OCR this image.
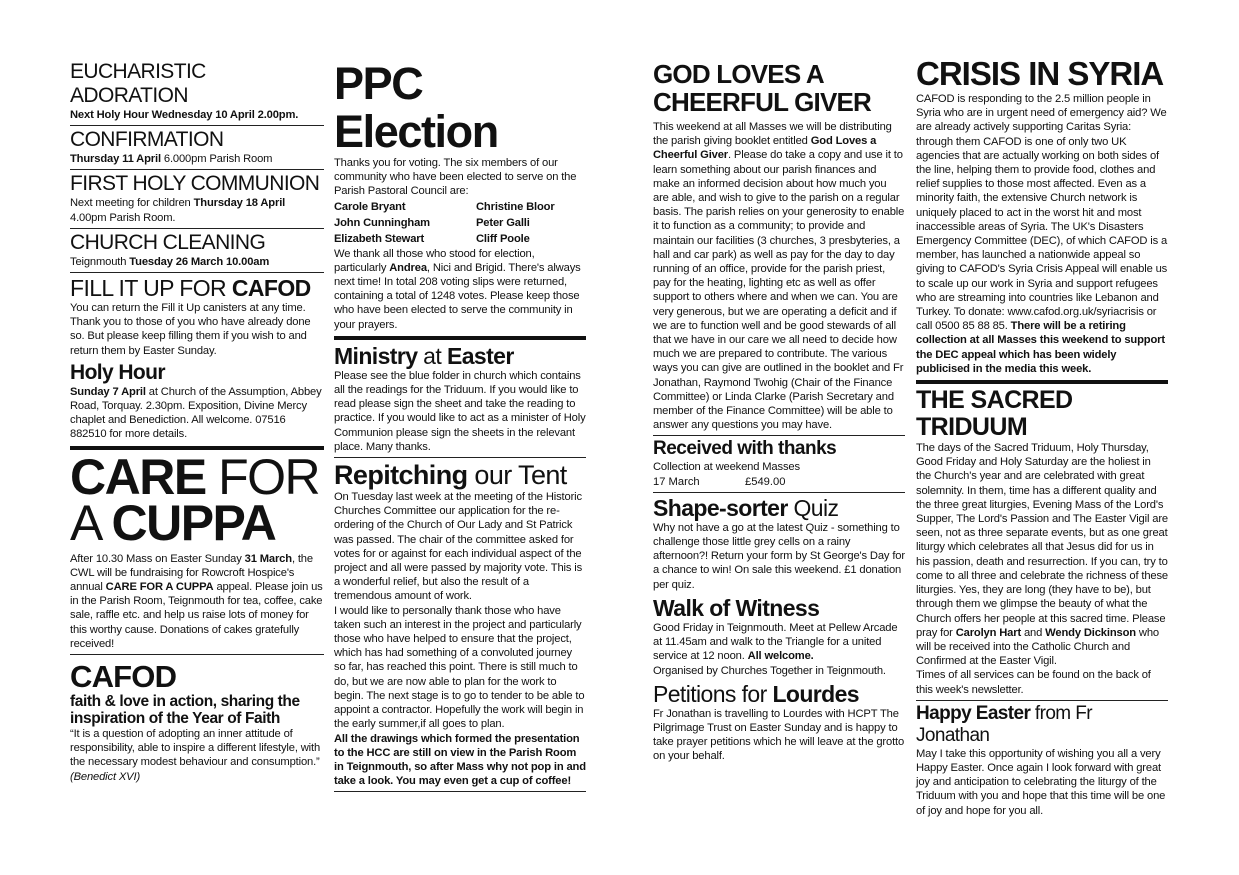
EUCHARISTIC ADORATION
Next Holy Hour Wednesday 10 April 2.00pm.
CONFIRMATION
Thursday 11 April 6.000pm Parish Room
FIRST HOLY COMMUNION
Next meeting for children Thursday 18 April
4.00pm Parish Room.
CHURCH CLEANING
Teignmouth Tuesday 26 March 10.00am
FILL IT UP FOR CAFOD
You can return the Fill it Up canisters at any time. Thank you to those of you who have already done so. But please keep filling them if you wish to and return them by Easter Sunday.
Holy Hour
Sunday 7 April at Church of the Assumption, Abbey Road, Torquay. 2.30pm. Exposition, Divine Mercy chaplet and Benediction. All welcome. 07516 882510 for more details.
CARE FOR
A CUPPA
After 10.30 Mass on Easter Sunday 31 March, the CWL will be fundraising for Rowcroft Hospice's annual CARE FOR A CUPPA appeal. Please join us in the Parish Room, Teignmouth for tea, coffee, cake sale, raffle etc. and help us raise lots of money for this worthy cause. Donations of cakes gratefully received!
CAFOD
faith & love in action, sharing the inspiration of the Year of Faith
“It is a question of adopting an inner attitude of responsibility, able to inspire a different lifestyle, with the necessary modest behaviour and consumption.” (Benedict XVI)
PPC Election
Thanks you for voting. The six members of our community who have been elected to serve on the Parish Pastoral Council are:
Carole Bryant	Christine Bloor
John Cunningham	Peter Galli
Elizabeth Stewart	Cliff Poole
We thank all those who stood for election, particularly Andrea, Nici and Brigid. There's always next time! In total 208 voting slips were returned, containing a total of 1248 votes. Please keep those who have been elected to serve the community in your prayers.
Ministry at Easter
Please see the blue folder in church which contains all the readings for the Triduum. If you would like to read please sign the sheet and take the reading to practice. If you would like to act as a minister of Holy Communion please sign the sheets in the relevant place. Many thanks.
Repitching our Tent
On Tuesday last week at the meeting of the Historic Churches Committee our application for the re-ordering of the Church of Our Lady and St Patrick was passed. The chair of the committee asked for votes for or against for each individual aspect of the project and all were passed by majority vote. This is a wonderful relief, but also the result of a tremendous amount of work.
I would like to personally thank those who have taken such an interest in the project and particularly those who have helped to ensure that the project, which has had something of a convoluted journey so far, has reached this point. There is still much to do, but we are now able to plan for the work to begin. The next stage is to go to tender to be able to appoint a contractor. Hopefully the work will begin in the early summer,if all goes to plan.
All the drawings which formed the presentation to the HCC are still on view in the Parish Room in Teignmouth, so after Mass why not pop in and take a look. You may even get a cup of coffee!
GOD LOVES A
CHEERFUL GIVER
This weekend at all Masses we will be distributing the parish giving booklet entitled God Loves a Cheerful Giver. Please do take a copy and use it to learn something about our parish finances and make an informed decision about how much you are able, and wish to give to the parish on a regular basis. The parish relies on your generosity to enable it to function as a community; to provide and maintain our facilities (3 churches, 3 presbyteries, a hall and car park) as well as pay for the day to day running of an office, provide for the parish priest, pay for the heating, lighting etc as well as offer support to others where and when we can. You are very generous, but we are operating a deficit and if we are to function well and be good stewards of all that we have in our care we all need to decide how much we are prepared to contribute. The various ways you can give are outlined in the booklet and Fr Jonathan, Raymond Twohig (Chair of the Finance Committee) or Linda Clarke (Parish Secretary and member of the Finance Committee) will be able to answer any questions you may have.
Received with thanks
Collection at weekend Masses
17 March	£549.00
Shape-sorter Quiz
Why not have a go at the latest Quiz - something to challenge those little grey cells on a rainy afternoon?! Return your form by St George's Day for a chance to win! On sale this weekend. £1 donation per quiz.
Walk of Witness
Good Friday in Teignmouth. Meet at Pellew Arcade at 11.45am and walk to the Triangle for a united service at 12 noon. All welcome.
Organised by Churches Together in Teignmouth.
Petitions for Lourdes
Fr Jonathan is travelling to Lourdes with HCPT The Pilgrimage Trust on Easter Sunday and is happy to take prayer petitions which he will leave at the grotto on your behalf.
CRISIS IN SYRIA
CAFOD is responding to the 2.5 million people in Syria who are in urgent need of emergency aid? We are already actively supporting Caritas Syria: through them CAFOD is one of only two UK agencies that are actually working on both sides of the line, helping them to provide food, clothes and relief supplies to those most affected. Even as a minority faith, the extensive Church network is uniquely placed to act in the worst hit and most inaccessible areas of Syria. The UK's Disasters Emergency Committee (DEC), of which CAFOD is a member, has launched a nationwide appeal so giving to CAFOD's Syria Crisis Appeal will enable us to scale up our work in Syria and support refugees who are streaming into countries like Lebanon and Turkey. To donate: www.cafod.org.uk/syriacrisis or call 0500 85 88 85. There will be a retiring collection at all Masses this weekend to support the DEC appeal which has been widely publicised in the media this week.
THE SACRED TRIDUUM
The days of the Sacred Triduum, Holy Thursday, Good Friday and Holy Saturday are the holiest in the Church's year and are celebrated with great solemnity. In them, time has a different quality and the three great liturgies, Evening Mass of the Lord's Supper, The Lord's Passion and The Easter Vigil are seen, not as three separate events, but as one great liturgy which celebrates all that Jesus did for us in his passion, death and resurrection. If you can, try to come to all three and celebrate the richness of these liturgies. Yes, they are long (they have to be), but through them we glimpse the beauty of what the Church offers her people at this sacred time. Please pray for Carolyn Hart and Wendy Dickinson who will be received into the Catholic Church and Confirmed at the Easter Vigil.
Times of all services can be found on the back of this week's newsletter.
Happy Easter from Fr Jonathan
May I take this opportunity of wishing you all a very Happy Easter. Once again I look forward with great joy and anticipation to celebrating the liturgy of the Triduum with you and hope that this time will be one of joy and hope for you all.
